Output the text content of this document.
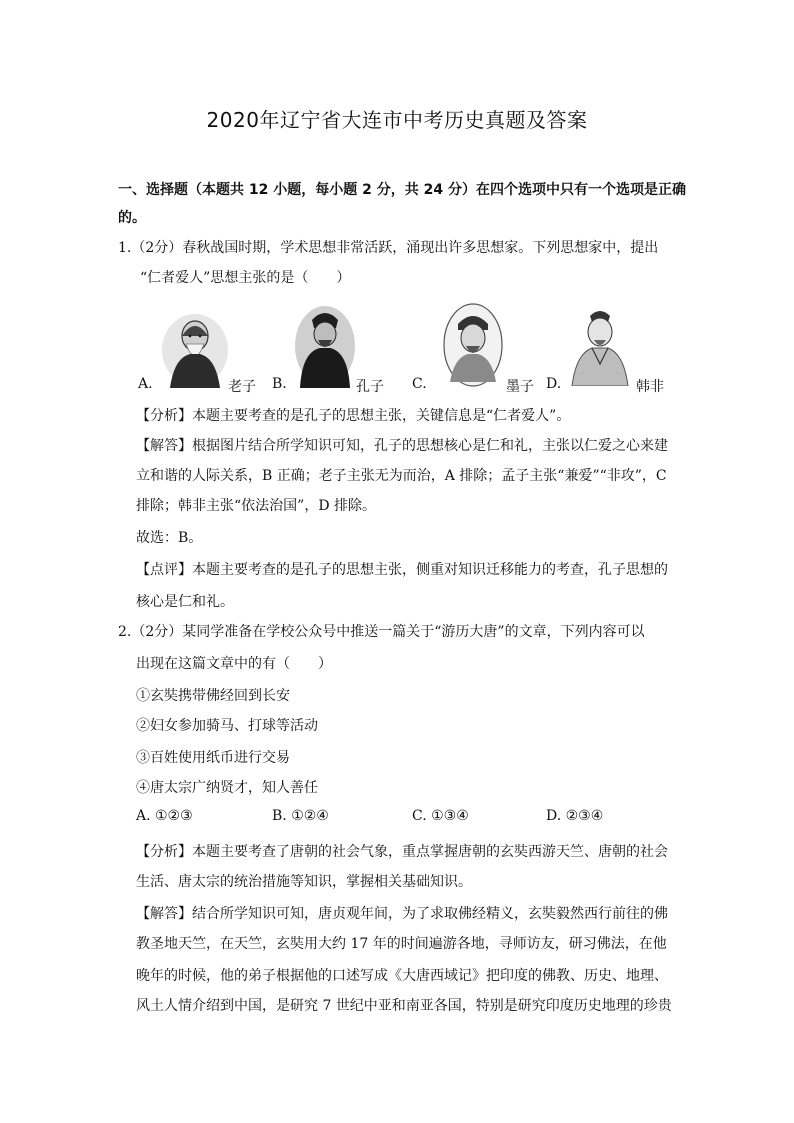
2020年辽宁省大连市中考历史真题及答案
一、选择题（本题共 12 小题，每小题 2 分，共 24 分）在四个选项中只有一个选项是正确
的。
1.（2分）春秋战国时期，学术思想非常活跃，涌现出许多思想家。下列思想家中，提出
“仁者爱人”思想主张的是（　　）
A.	老子 B.	孔子 C.	墨子 D.	韩非
【分析】本题主要考查的是孔子的思想主张，关键信息是“仁者爱人”。
【解答】根据图片结合所学知识可知，孔子的思想核心是仁和礼，主张以仁爱之心来建
立和谐的人际关系，B 正确；老子主张无为而治，A 排除；孟子主张“兼爱”“非攻”，C
排除；韩非主张“依法治国”，D 排除。
故选：B。
【点评】本题主要考查的是孔子的思想主张，侧重对知识迁移能力的考查，孔子思想的
核心是仁和礼。
2.（2分）某同学准备在学校公众号中推送一篇关于“游历大唐”的文章，下列内容可以
出现在这篇文章中的有（　　）
①玄奘携带佛经回到长安
②妇女参加骑马、打球等活动
③百姓使用纸币进行交易
④唐太宗广纳贤才，知人善任
A. ①②③	B. ①②④	C. ①③④	D. ②③④
【分析】本题主要考查了唐朝的社会气象，重点掌握唐朝的玄奘西游天竺、唐朝的社会
生活、唐太宗的统治措施等知识，掌握相关基础知识。
【解答】结合所学知识可知，唐贞观年间，为了求取佛经精义，玄奘毅然西行前往的佛
教圣地天竺，在天竺，玄奘用大约 17 年的时间遍游各地，寻师访友，研习佛法，在他
晚年的时候，他的弟子根据他的口述写成《大唐西域记》把印度的佛教、历史、地理、
风土人情介绍到中国，是研究 7 世纪中亚和南亚各国，特别是研究印度历史地理的珍贵
